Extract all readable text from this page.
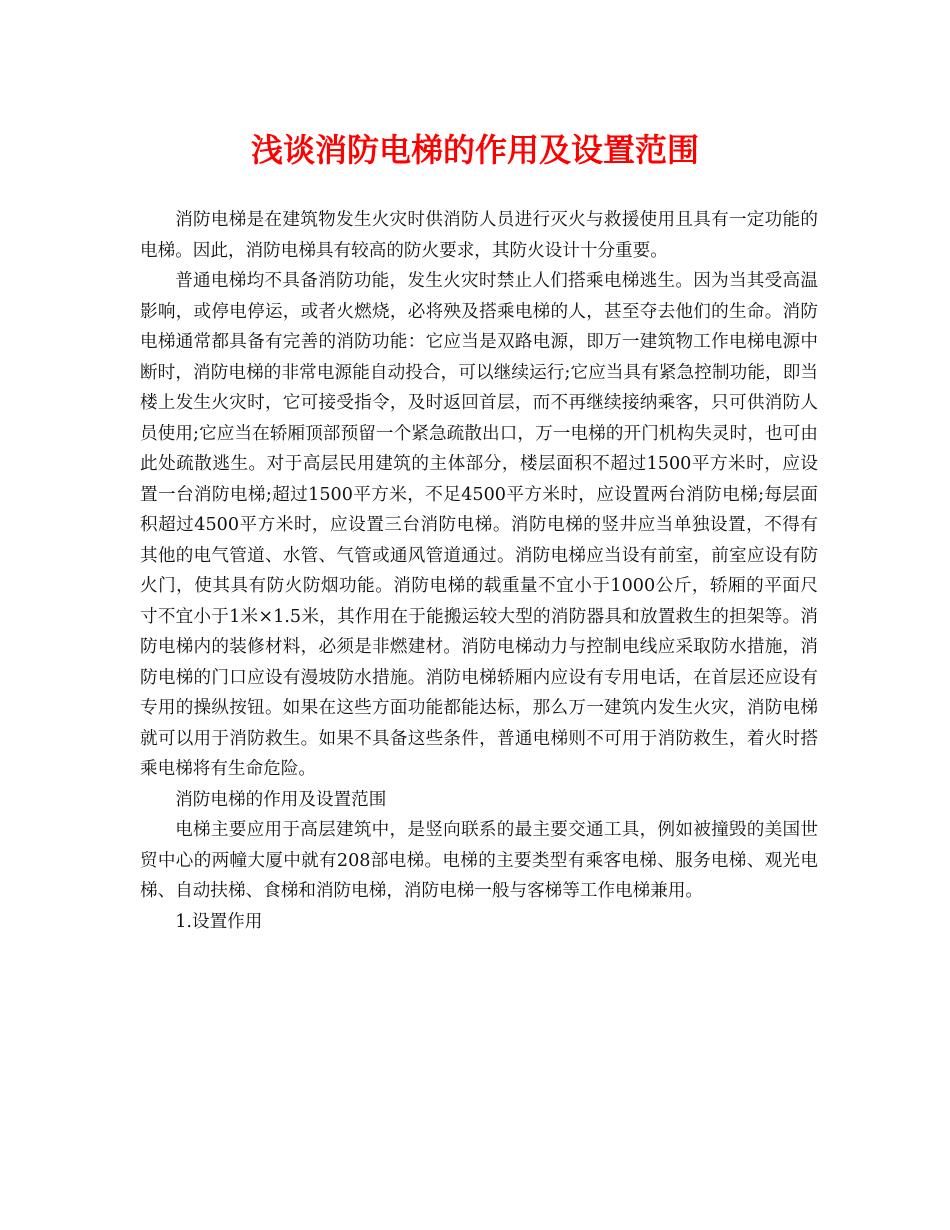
浅谈消防电梯的作用及设置范围

消防电梯是在建筑物发生火灾时供消防人员进行灭火与救援使用且具有一定功能的电梯。因此，消防电梯具有较高的防火要求，其防火设计十分重要。

普通电梯均不具备消防功能，发生火灾时禁止人们搭乘电梯逃生。因为当其受高温影响，或停电停运，或者火燃烧，必将殃及搭乘电梯的人，甚至夺去他们的生命。消防电梯通常都具备有完善的消防功能：它应当是双路电源，即万一建筑物工作电梯电源中断时，消防电梯的非常电源能自动投合，可以继续运行;它应当具有紧急控制功能，即当楼上发生火灾时，它可接受指令，及时返回首层，而不再继续接纳乘客，只可供消防人员使用;它应当在轿厢顶部预留一个紧急疏散出口，万一电梯的开门机构失灵时，也可由此处疏散逃生。对于高层民用建筑的主体部分，楼层面积不超过1500平方米时，应设置一台消防电梯;超过1500平方米，不足4500平方米时，应设置两台消防电梯;每层面积超过4500平方米时，应设置三台消防电梯。消防电梯的竖井应当单独设置，不得有其他的电气管道、水管、气管或通风管道通过。消防电梯应当设有前室，前室应设有防火门，使其具有防火防烟功能。消防电梯的载重量不宜小于1000公斤，轿厢的平面尺寸不宜小于1米×1.5米，其作用在于能搬运较大型的消防器具和放置救生的担架等。消防电梯内的装修材料，必须是非燃建材。消防电梯动力与控制电线应采取防水措施，消防电梯的门口应设有漫坡防水措施。消防电梯轿厢内应设有专用电话，在首层还应设有专用的操纵按钮。如果在这些方面功能都能达标，那么万一建筑内发生火灾，消防电梯就可以用于消防救生。如果不具备这些条件，普通电梯则不可用于消防救生，着火时搭乘电梯将有生命危险。

消防电梯的作用及设置范围

电梯主要应用于高层建筑中，是竖向联系的最主要交通工具，例如被撞毁的美国世贸中心的两幢大厦中就有208部电梯。电梯的主要类型有乘客电梯、服务电梯、观光电梯、自动扶梯、食梯和消防电梯，消防电梯一般与客梯等工作电梯兼用。

1.设置作用
